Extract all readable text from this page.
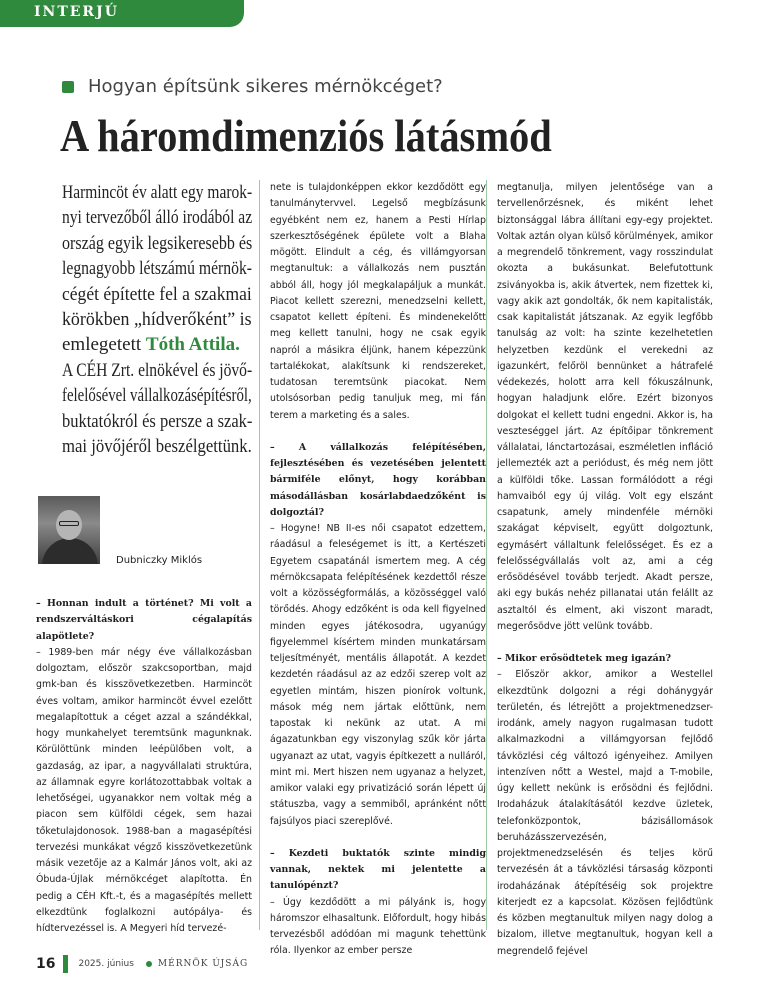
INTERJÚ
Hogyan építsünk sikeres mérnökcéget?
A háromdimenziós látásmód
Harmincöt év alatt egy marok-
nyi tervezőből álló irodából az
ország egyik legsikeresebb és
legnagyobb létszámú mérnök-
cégét építette fel a szakmai
körökben „hídverőként” is
emlegetett Tóth Attila.
A CÉH Zrt. elnökével és jövő-
felelősével vállalkozásépítésről,
buktatókról és persze a szak-
mai jövőjéről beszélgettünk.
Dubniczky Miklós

– Honnan indult a történet? Mi volt a rendszerváltáskori cégalapítás alapötlete?

– 1989-ben már négy éve vállalkozásban dolgoztam, először szakcsoportban, majd gmk-ban és kisszövetkezetben. Harmincöt éves voltam, amikor harmincöt évvel ezelőtt megalapítottuk a céget azzal a szándékkal, hogy munkahelyet teremtsünk magunknak. Körülöttünk minden leépülőben volt, a gazdaság, az ipar, a nagyvállalati struktúra, az államnak egyre korlátozottabbak voltak a lehetőségei, ugyanakkor nem voltak még a piacon sem külföldi cégek, sem hazai tőketulajdonosok. 1988-ban a magasépítési tervezési munkákat végző kisszövetkezetünk másik vezetője az a Kalmár János volt, aki az Óbuda-Újlak mérnökcéget alapította. Én pedig a CÉH Kft.-t, és a magasépítés mellett elkezdtünk foglalkozni autópálya- és hídtervezéssel is. A Megyeri híd tervezé-

nete is tulajdonképpen ekkor kezdődött egy tanulmánytervvel. Legelső megbízásunk egyébként nem ez, hanem a Pesti Hírlap szerkesztőségének épülete volt a Blaha mögött. Elindult a cég, és villámgyorsan megtanultuk: a vállalkozás nem pusztán abból áll, hogy jól megkalapáljuk a munkát. Piacot kellett szerezni, menedzselni kellett, csapatot kellett építeni. És mindenekelőtt meg kellett tanulni, hogy ne csak egyik napról a másikra éljünk, hanem képezzünk tartalékokat, alakítsunk ki rendszereket, tudatosan teremtsünk piacokat. Nem utolsósorban pedig tanuljuk meg, mi fán terem a marketing és a sales.

– A vállalkozás felépítésében, fejlesztésében és vezetésében jelentett bármiféle előnyt, hogy korábban másodállásban kosárlabdaedzőként is dolgoztál?

– Hogyne! NB II-es női csapatot edzettem, ráadásul a feleségemet is itt, a Kertészeti Egyetem csapatánál ismertem meg. A cég mérnökcsapata felépítésének kezdettől része volt a közösségformálás, a közösséggel való törődés. Ahogy edzőként is oda kell figyelned minden egyes játékosodra, ugyanúgy figyelemmel kísértem minden munkatársam teljesítményét, mentális állapotát. A kezdet kezdetén ráadásul az az edzői szerep volt az egyetlen mintám, hiszen pionírok voltunk, mások még nem jártak előttünk, nem tapostak ki nekünk az utat. A mi ágazatunkban egy viszonylag szűk kör járta ugyanazt az utat, vagyis építkezett a nulláról, mint mi. Mert hiszen nem ugyanaz a helyzet, amikor valaki egy privatizáció során lépett új státuszba, vagy a semmiből, apránként nőtt fajsúlyos piaci szereplővé.

– Kezdeti buktatók szinte mindig vannak, nektek mi jelentette a tanulópénzt?

– Úgy kezdődött a mi pályánk is, hogy háromszor elhasaltunk. Előfordult, hogy hibás tervezésből adódóan mi magunk tehettünk róla. Ilyenkor az ember persze

megtanulja, milyen jelentősége van a tervellenőrzésnek, és miként lehet biztonsággal lábra állítani egy-egy projektet. Voltak aztán olyan külső körülmények, amikor a megrendelő tönkrement, vagy rosszindulat okozta a bukásunkat. Belefutottunk zsiványokba is, akik átvertek, nem fizettek ki, vagy akik azt gondolták, ők nem kapitalisták, csak kapitalistát játszanak. Az egyik legfőbb tanulság az volt: ha szinte kezelhetetlen helyzetben kezdünk el verekedni az igazunkért, felőröl bennünket a hátrafelé védekezés, holott arra kell fókuszálnunk, hogyan haladjunk előre. Ezért bizonyos dolgokat el kellett tudni engedni. Akkor is, ha veszteséggel járt. Az építőipar tönkrement vállalatai, lánctartozásai, eszméletlen infláció jellemezték azt a periódust, és még nem jött a külföldi tőke. Lassan formálódott a régi hamvaiból egy új világ. Volt egy elszánt csapatunk, amely mindenféle mérnöki szakágat képviselt, együtt dolgoztunk, egymásért vállaltunk felelősséget. És ez a felelősségvállalás volt az, ami a cég erősödésével tovább terjedt. Akadt persze, aki egy bukás nehéz pillanatai után felállt az asztaltól és elment, aki viszont maradt, megerősödve jött velünk tovább.

– Mikor erősödtetek meg igazán?

– Először akkor, amikor a Westellel elkezdtünk dolgozni a régi dohánygyár területén, és létrejött a projektmenedzser-irodánk, amely nagyon rugalmasan tudott alkalmazkodni a villámgyorsan fejlődő távközlési cég változó igényeihez. Amilyen intenzíven nőtt a Westel, majd a T-mobile, úgy kellett nekünk is erősödni és fejlődni. Irodaházuk átalakításától kezdve üzletek, telefonközpontok, bázisállomások beruházásszervezésén, projektmenedzselésén és teljes körű tervezésén át a távközlési társaság központi irodaházának átépítéséig sok projektre kiterjedt ez a kapcsolat. Közösen fejlődtünk és közben megtanultuk milyen nagy dolog a bizalom, illetve megtanultuk, hogyan kell a megrendelő fejével

16	2025. június	MÉRNÖK ÚJSÁG
